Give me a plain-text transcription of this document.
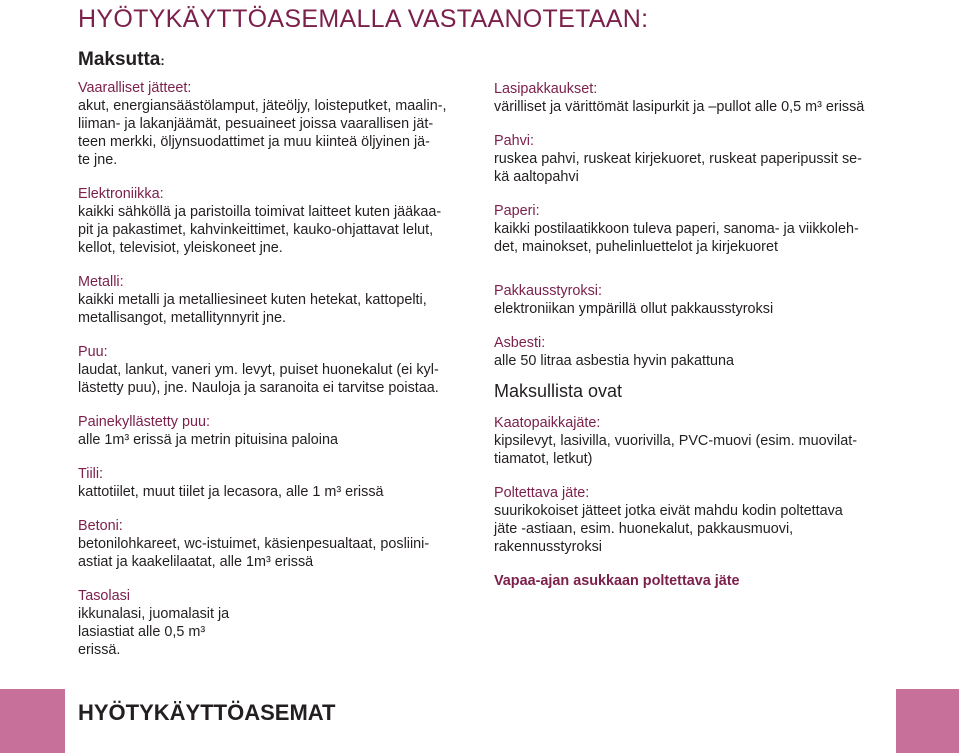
HYÖTYKÄYTTÖASEMALLA VASTAANOTETAAN:
Maksutta:
Vaaralliset jätteet:
akut, energiansäästölamput, jäteöljy, loisteputket, maalin-,
liiman- ja lakanjäämät, pesuaineet joissa vaarallisen jät-
teen merkki, öljynsuodattimet ja muu kiinteä öljyinen jä-
te jne.
Elektroniikka:
kaikki sähköllä ja paristoilla toimivat laitteet kuten jääkaa-
pit ja pakastimet, kahvinkeittimet, kauko-ohjattavat lelut,
kellot, televisiot, yleiskoneet jne.
Metalli:
kaikki metalli ja metalliesineet kuten hetekat, kattopelti,
metallisangot, metallitynnyrit jne.
Puu:
laudat, lankut, vaneri ym. levyt, puiset huonekalut (ei kyl-
lästetty puu), jne. Nauloja ja saranoita ei tarvitse poistaa.
Painekyllästetty puu:
alle 1m³ erissä ja metrin pituisina paloina
Tiili:
kattotiilet, muut tiilet ja lecasora, alle 1 m³ erissä
Betoni:
betonilohkareet, wc-istuimet, käsienpesualtaat, posliini-
astiat ja kaakelilaatat, alle 1m³ erissä
Tasolasi
ikkunalasi, juomalasit ja
lasiastiat alle 0,5 m³
erissä.
Lasipakkaukset:
värilliset ja värittömät lasipurkit ja –pullot alle 0,5 m³ erissä
Pahvi:
ruskea pahvi, ruskeat kirjekuoret, ruskeat paperipussit se-
kä aaltopahvi
Paperi:
kaikki postilaatikkoon tuleva paperi, sanoma- ja viikkoleh-
det, mainokset, puhelinluettelot ja kirjekuoret
Pakkausstyroksi:
elektroniikan ympärillä ollut pakkausstyroksi
Asbesti:
alle 50 litraa asbestia hyvin pakattuna
Maksullista ovat
Kaatopaikkajäte:
kipsilevyt, lasivilla, vuorivilla, PVC-muovi (esim. muovilat-
tiamatot, letkut)
Poltettava jäte:
suurikokoiset jätteet jotka eivät mahdu kodin poltettava
jäte -astiaan, esim. huonekalut, pakkausmuovi,
rakennusstyroksi
Vapaa-ajan asukkaan poltettava jäte
HYÖTYKÄYTTÖASEMAT
